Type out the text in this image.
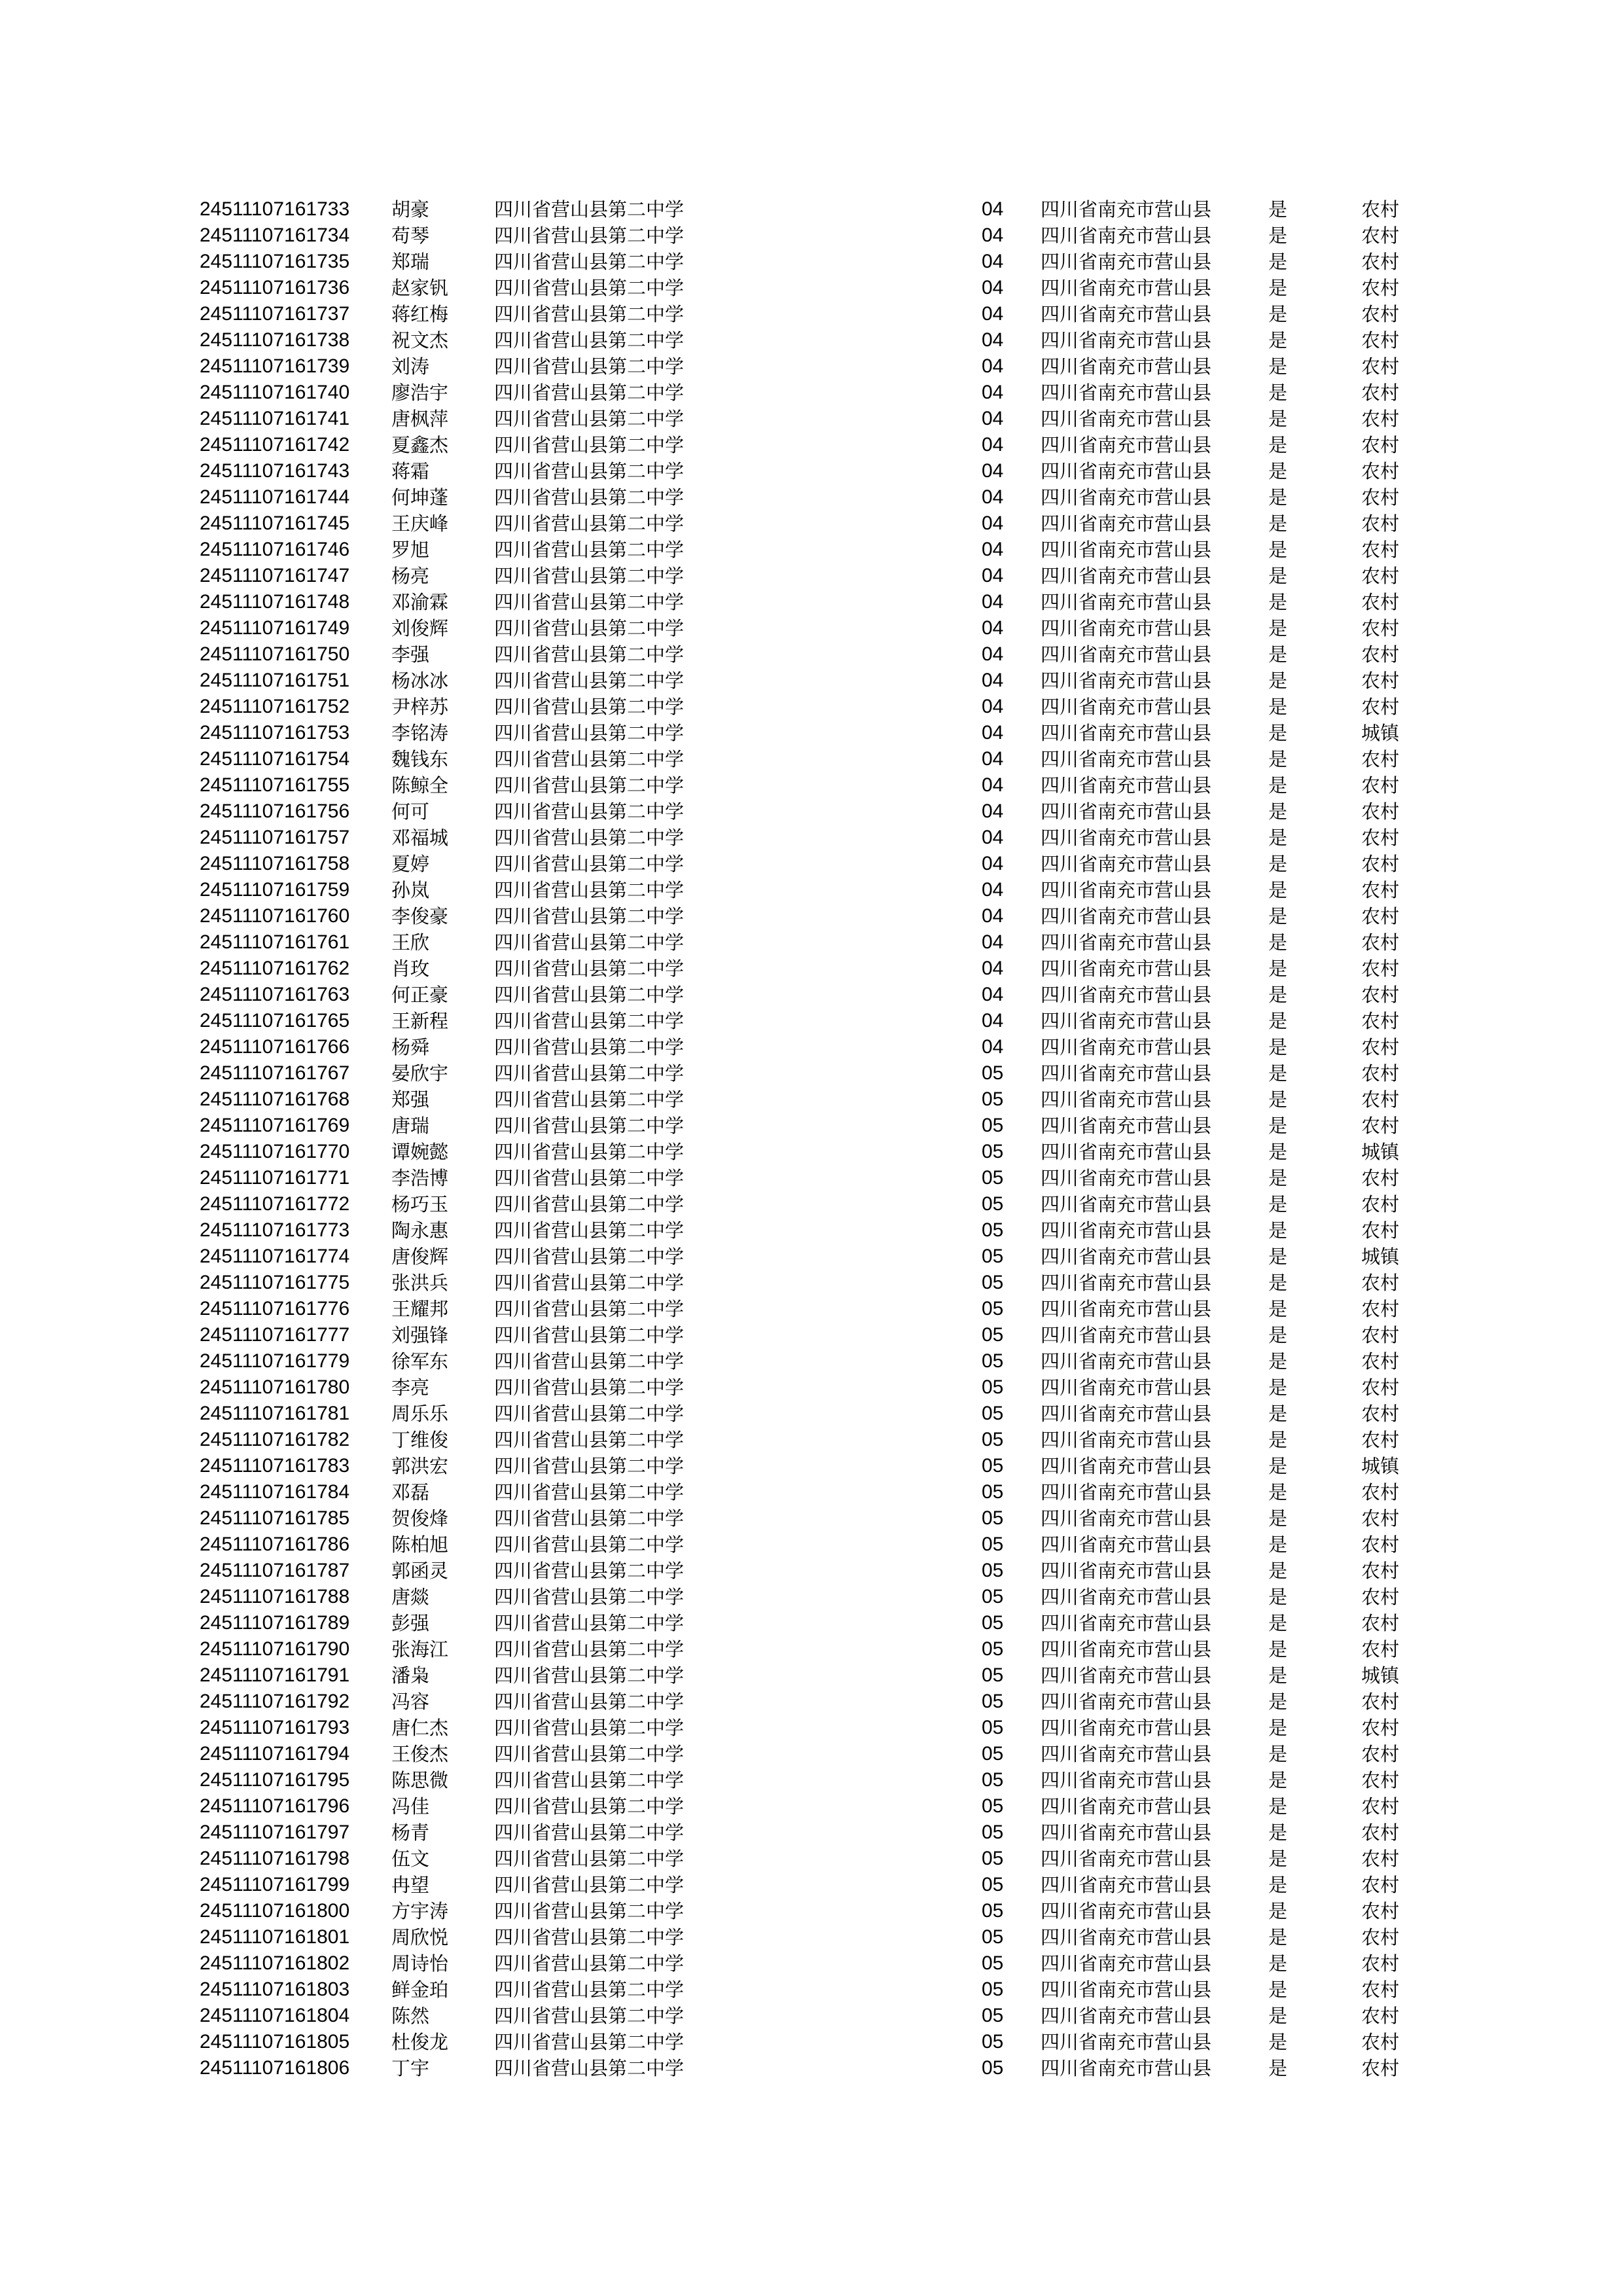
24511107161733 胡豪	四川省营山县第二中学	04 四川省南充市营山县	是	农村
24511107161734 苟琴	四川省营山县第二中学	04 四川省南充市营山县	是	农村
24511107161735 郑瑞	四川省营山县第二中学	04 四川省南充市营山县	是	农村
24511107161736 赵家钒 四川省营山县第二中学	04 四川省南充市营山县	是	农村
24511107161737 蒋红梅 四川省营山县第二中学	04 四川省南充市营山县	是	农村
24511107161738 祝文杰 四川省营山县第二中学	04 四川省南充市营山县	是	农村
24511107161739 刘涛	四川省营山县第二中学	04 四川省南充市营山县	是	农村
24511107161740 廖浩宇 四川省营山县第二中学	04 四川省南充市营山县	是	农村
24511107161741 唐枫萍 四川省营山县第二中学	04 四川省南充市营山县	是	农村
24511107161742 夏鑫杰 四川省营山县第二中学	04 四川省南充市营山县	是	农村
24511107161743 蒋霜	四川省营山县第二中学	04 四川省南充市营山县	是	农村
24511107161744 何坤蓬 四川省营山县第二中学	04 四川省南充市营山县	是	农村
24511107161745 王庆峰 四川省营山县第二中学	04 四川省南充市营山县	是	农村
24511107161746 罗旭	四川省营山县第二中学	04 四川省南充市营山县	是	农村
24511107161747 杨亮	四川省营山县第二中学	04 四川省南充市营山县	是	农村
24511107161748 邓渝霖 四川省营山县第二中学	04 四川省南充市营山县	是	农村
24511107161749 刘俊辉 四川省营山县第二中学	04 四川省南充市营山县	是	农村
24511107161750 李强	四川省营山县第二中学	04 四川省南充市营山县	是	农村
24511107161751 杨冰冰 四川省营山县第二中学	04 四川省南充市营山县	是	农村
24511107161752 尹梓苏 四川省营山县第二中学	04 四川省南充市营山县	是	农村
24511107161753 李铭涛 四川省营山县第二中学	04 四川省南充市营山县	是	城镇
24511107161754 魏钱东 四川省营山县第二中学	04 四川省南充市营山县	是	农村
24511107161755 陈鲸全 四川省营山县第二中学	04 四川省南充市营山县	是	农村
24511107161756 何可	四川省营山县第二中学	04 四川省南充市营山县	是	农村
24511107161757 邓福城 四川省营山县第二中学	04 四川省南充市营山县	是	农村
24511107161758 夏婷	四川省营山县第二中学	04 四川省南充市营山县	是	农村
24511107161759 孙岚	四川省营山县第二中学	04 四川省南充市营山县	是	农村
24511107161760 李俊豪 四川省营山县第二中学	04 四川省南充市营山县	是	农村
24511107161761 王欣	四川省营山县第二中学	04 四川省南充市营山县	是	农村
24511107161762 肖玫	四川省营山县第二中学	04 四川省南充市营山县	是	农村
24511107161763 何正豪 四川省营山县第二中学	04 四川省南充市营山县	是	农村
24511107161765 王新程 四川省营山县第二中学	04 四川省南充市营山县	是	农村
24511107161766 杨舜	四川省营山县第二中学	04 四川省南充市营山县	是	农村
24511107161767 晏欣宇 四川省营山县第二中学	05 四川省南充市营山县	是	农村
24511107161768 郑强	四川省营山县第二中学	05 四川省南充市营山县	是	农村
24511107161769 唐瑞	四川省营山县第二中学	05 四川省南充市营山县	是	农村
24511107161770 谭婉懿 四川省营山县第二中学	05 四川省南充市营山县	是	城镇
24511107161771 李浩博 四川省营山县第二中学	05 四川省南充市营山县	是	农村
24511107161772 杨巧玉 四川省营山县第二中学	05 四川省南充市营山县	是	农村
24511107161773 陶永惠 四川省营山县第二中学	05 四川省南充市营山县	是	农村
24511107161774 唐俊辉 四川省营山县第二中学	05 四川省南充市营山县	是	城镇
24511107161775 张洪兵 四川省营山县第二中学	05 四川省南充市营山县	是	农村
24511107161776 王耀邦 四川省营山县第二中学	05 四川省南充市营山县	是	农村
24511107161777 刘强锋 四川省营山县第二中学	05 四川省南充市营山县	是	农村
24511107161779 徐军东 四川省营山县第二中学	05 四川省南充市营山县	是	农村
24511107161780 李亮	四川省营山县第二中学	05 四川省南充市营山县	是	农村
24511107161781 周乐乐 四川省营山县第二中学	05 四川省南充市营山县	是	农村
24511107161782 丁维俊 四川省营山县第二中学	05 四川省南充市营山县	是	农村
24511107161783 郭洪宏 四川省营山县第二中学	05 四川省南充市营山县	是	城镇
24511107161784 邓磊	四川省营山县第二中学	05 四川省南充市营山县	是	农村
24511107161785 贺俊烽 四川省营山县第二中学	05 四川省南充市营山县	是	农村
24511107161786 陈柏旭 四川省营山县第二中学	05 四川省南充市营山县	是	农村
24511107161787 郭函灵 四川省营山县第二中学	05 四川省南充市营山县	是	农村
24511107161788 唐燚	四川省营山县第二中学	05 四川省南充市营山县	是	农村
24511107161789 彭强	四川省营山县第二中学	05 四川省南充市营山县	是	农村
24511107161790 张海江 四川省营山县第二中学	05 四川省南充市营山县	是	农村
24511107161791 潘枭	四川省营山县第二中学	05 四川省南充市营山县	是	城镇
24511107161792 冯容	四川省营山县第二中学	05 四川省南充市营山县	是	农村
24511107161793 唐仁杰 四川省营山县第二中学	05 四川省南充市营山县	是	农村
24511107161794 王俊杰 四川省营山县第二中学	05 四川省南充市营山县	是	农村
24511107161795 陈思微 四川省营山县第二中学	05 四川省南充市营山县	是	农村
24511107161796 冯佳	四川省营山县第二中学	05 四川省南充市营山县	是	农村
24511107161797 杨青	四川省营山县第二中学	05 四川省南充市营山县	是	农村
24511107161798 伍文	四川省营山县第二中学	05 四川省南充市营山县	是	农村
24511107161799 冉望	四川省营山县第二中学	05 四川省南充市营山县	是	农村
24511107161800 方宇涛 四川省营山县第二中学	05 四川省南充市营山县	是	农村
24511107161801 周欣悦 四川省营山县第二中学	05 四川省南充市营山县	是	农村
24511107161802 周诗怡 四川省营山县第二中学	05 四川省南充市营山县	是	农村
24511107161803 鲜金珀 四川省营山县第二中学	05 四川省南充市营山县	是	农村
24511107161804 陈然	四川省营山县第二中学	05 四川省南充市营山县	是	农村
24511107161805 杜俊龙 四川省营山县第二中学	05 四川省南充市营山县	是	农村
24511107161806 丁宇	四川省营山县第二中学	05 四川省南充市营山县	是	农村
